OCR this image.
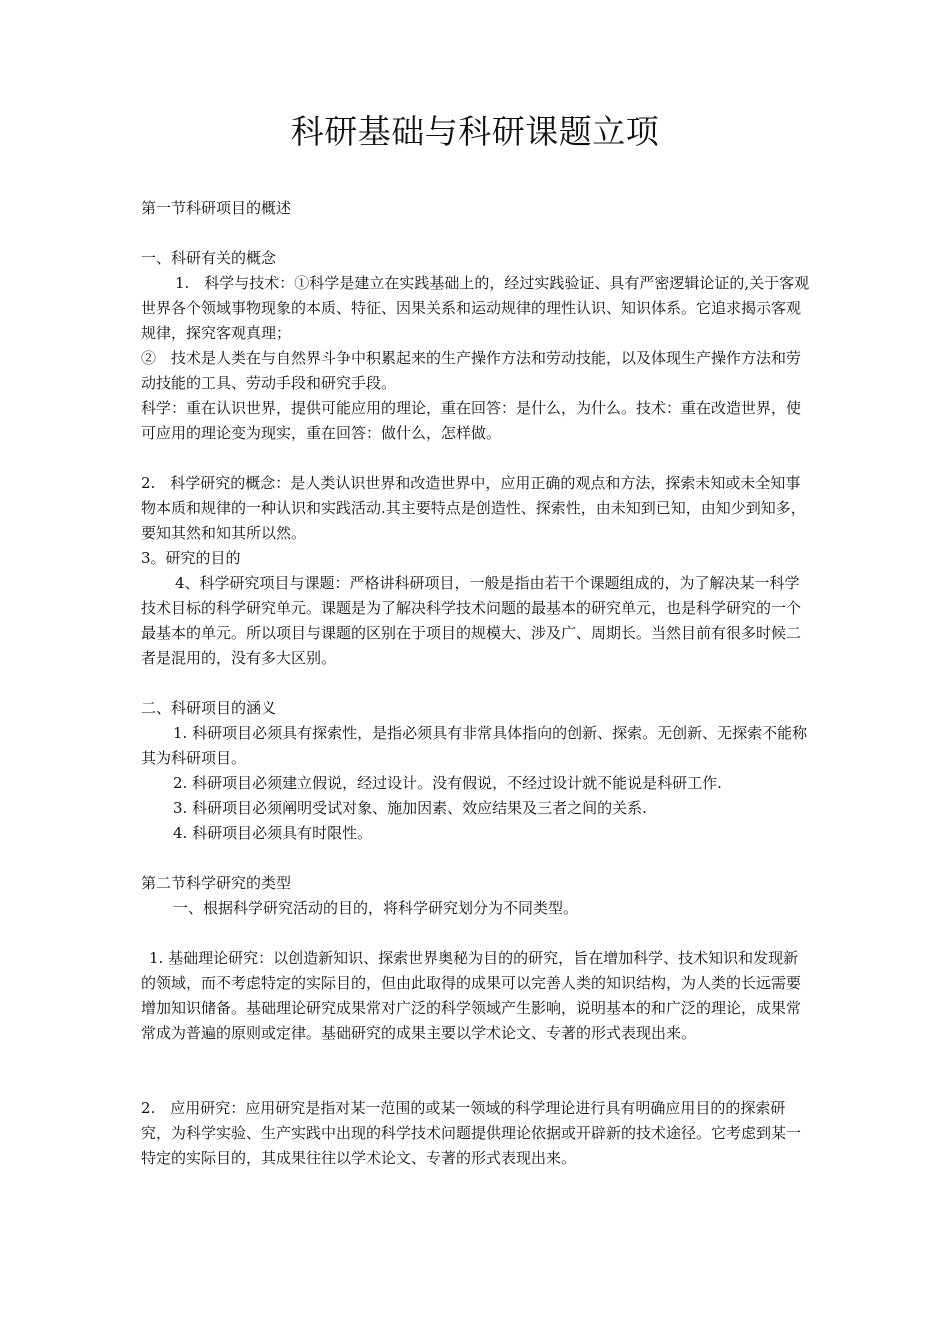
科研基础与科研课题立项

第一节科研项目的概述

一、科研有关的概念

1.　科学与技术：①科学是建立在实践基础上的，经过实践验证、具有严密逻辑论证的,关于客观世界各个领域事物现象的本质、特征、因果关系和运动规律的理性认识、知识体系。它追求揭示客观规律，探究客观真理；

②　技术是人类在与自然界斗争中积累起来的生产操作方法和劳动技能，以及体现生产操作方法和劳动技能的工具、劳动手段和研究手段。

科学：重在认识世界，提供可能应用的理论，重在回答：是什么，为什么。技术：重在改造世界，使可应用的理论变为现实，重在回答：做什么，怎样做。

2.　科学研究的概念：是人类认识世界和改造世界中，应用正确的观点和方法，探索未知或未全知事物本质和规律的一种认识和实践活动.其主要特点是创造性、探索性，由未知到已知，由知少到知多，要知其然和知其所以然。

3。研究的目的

4、科学研究项目与课题：严格讲科研项目，一般是指由若干个课题组成的，为了解决某一科学技术目标的科学研究单元。课题是为了解决科学技术问题的最基本的研究单元，也是科学研究的一个最基本的单元。所以项目与课题的区别在于项目的规模大、涉及广、周期长。当然目前有很多时候二者是混用的，没有多大区别。

二、科研项目的涵义

1. 科研项目必须具有探索性，是指必须具有非常具体指向的创新、探索。无创新、无探索不能称其为科研项目。

2. 科研项目必须建立假说，经过设计。没有假说，不经过设计就不能说是科研工作.

3. 科研项目必须阐明受试对象、施加因素、效应结果及三者之间的关系.

4. 科研项目必须具有时限性。

第二节科学研究的类型

一、根据科学研究活动的目的，将科学研究划分为不同类型。

1. 基础理论研究：以创造新知识、探索世界奥秘为目的的研究，旨在增加科学、技术知识和发现新的领域，而不考虑特定的实际目的，但由此取得的成果可以完善人类的知识结构，为人类的长远需要增加知识储备。基础理论研究成果常对广泛的科学领域产生影响，说明基本的和广泛的理论，成果常常成为普遍的原则或定律。基础研究的成果主要以学术论文、专著的形式表现出来。

2.　应用研究：应用研究是指对某一范围的或某一领域的科学理论进行具有明确应用目的的探索研究，为科学实验、生产实践中出现的科学技术问题提供理论依据或开辟新的技术途径。它考虑到某一特定的实际目的，其成果往往以学术论文、专著的形式表现出来。
